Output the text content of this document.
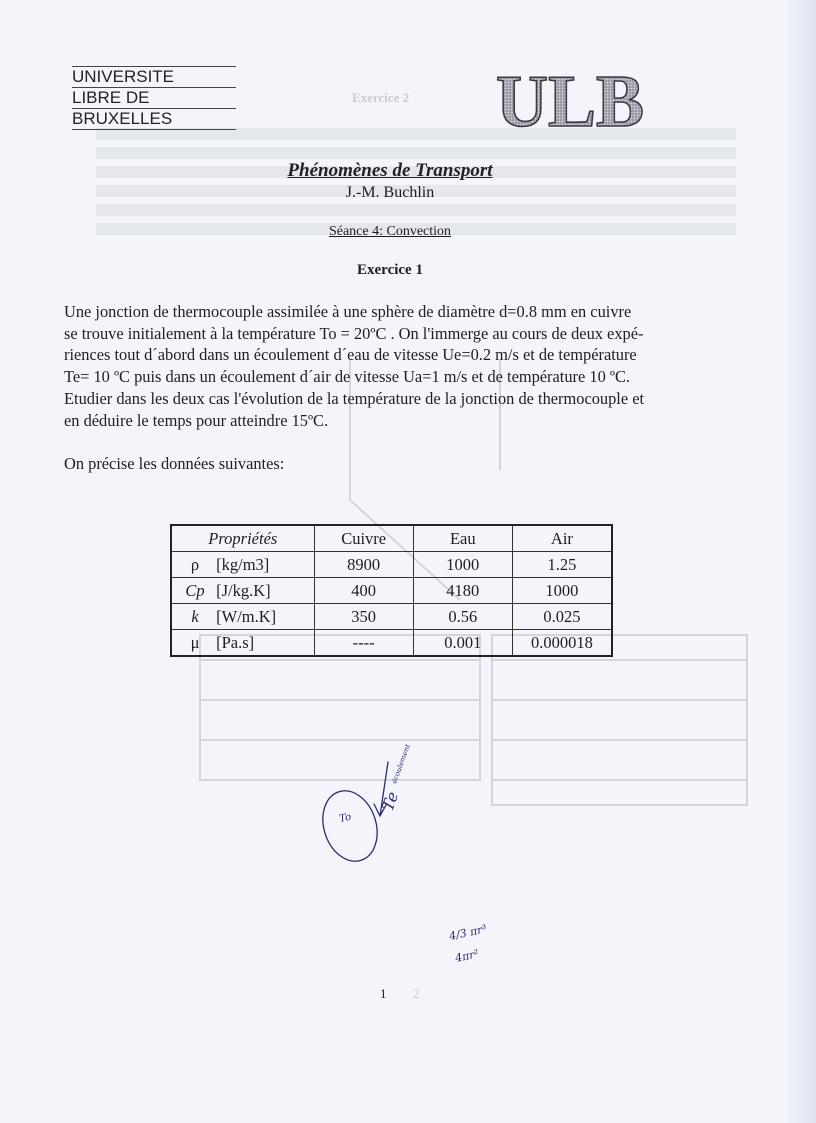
Exercice 2
UNIVERSITE
LIBRE DE
BRUXELLES	ULB
Phénomènes de Transport
J.-M. Buchlin
Séance 4: Convection
Exercice 1

Une jonction de thermocouple assimilée à une sphère de diamètre d=0.8 mm en cuivre

se trouve initialement à la température To = 20ºC . On l'immerge au cours de deux expé-

riences tout d´abord dans un écoulement d´eau de vitesse Ue=0.2 m/s et de température

Te= 10 ºC puis dans un écoulement d´air de vitesse Ua=1 m/s et de température 10 ºC.

Etudier dans les deux cas l'évolution de la température de la jonction de thermocouple et

en déduire le temps pour atteindre 15ºC.

On précise les données suivantes:
Propriétés	Cuivre	Eau	Air
ρ [kg/m3]	8900	1000	1.25
Cp [J/kg.K]	400	4180	1000
k [W/m.K]	350	0.56	0.025
μ [Pa.s]	----	0.001	0.000018
To
Te
écoulement
4/3 πr³
4πr²
1 2
